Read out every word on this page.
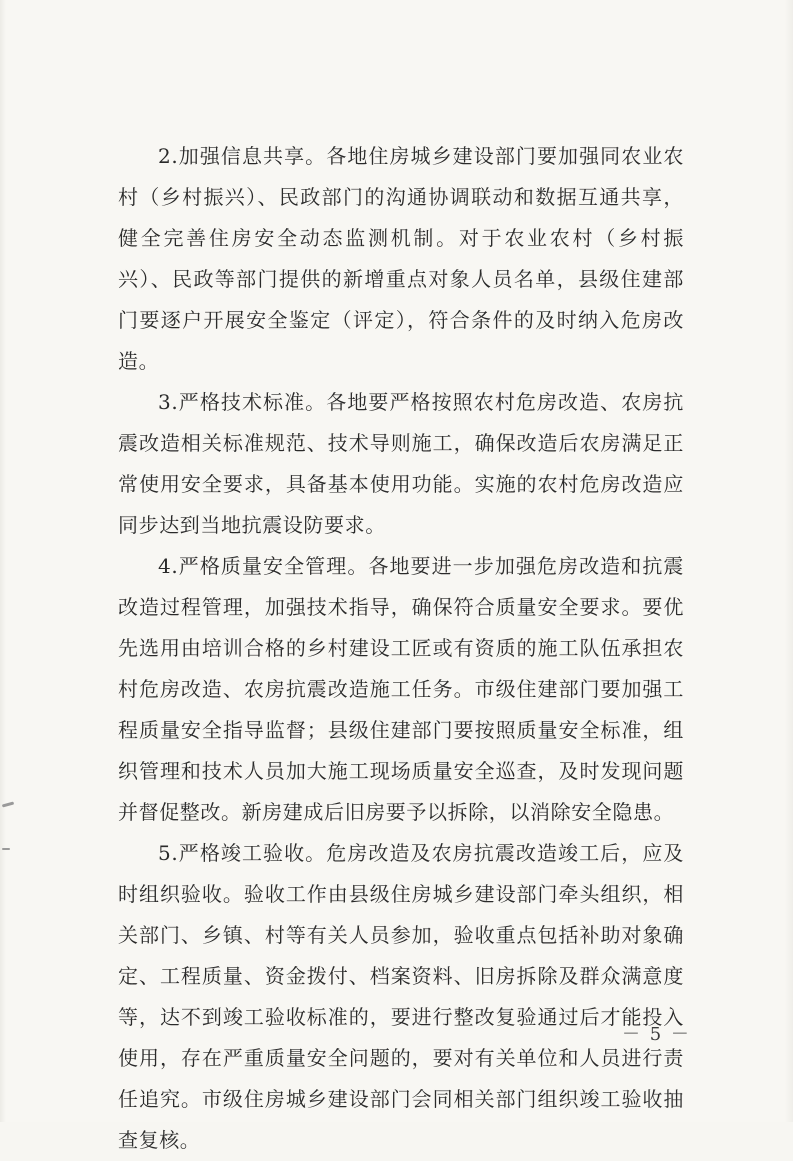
2.加强信息共享。各地住房城乡建设部门要加强同农业农村（乡村振兴）、民政部门的沟通协调联动和数据互通共享，健全完善住房安全动态监测机制。对于农业农村（乡村振兴）、民政等部门提供的新增重点对象人员名单，县级住建部门要逐户开展安全鉴定（评定），符合条件的及时纳入危房改造。

3.严格技术标准。各地要严格按照农村危房改造、农房抗震改造相关标准规范、技术导则施工，确保改造后农房满足正常使用安全要求，具备基本使用功能。实施的农村危房改造应同步达到当地抗震设防要求。

4.严格质量安全管理。各地要进一步加强危房改造和抗震改造过程管理，加强技术指导，确保符合质量安全要求。要优先选用由培训合格的乡村建设工匠或有资质的施工队伍承担农村危房改造、农房抗震改造施工任务。市级住建部门要加强工程质量安全指导监督；县级住建部门要按照质量安全标准，组织管理和技术人员加大施工现场质量安全巡查，及时发现问题并督促整改。新房建成后旧房要予以拆除，以消除安全隐患。

5.严格竣工验收。危房改造及农房抗震改造竣工后，应及时组织验收。验收工作由县级住房城乡建设部门牵头组织，相关部门、乡镇、村等有关人员参加，验收重点包括补助对象确定、工程质量、资金拨付、档案资料、旧房拆除及群众满意度等，达不到竣工验收标准的，要进行整改复验通过后才能投入使用，存在严重质量安全问题的，要对有关单位和人员进行责任追究。市级住房城乡建设部门会同相关部门组织竣工验收抽查复核。

－ 5 －
